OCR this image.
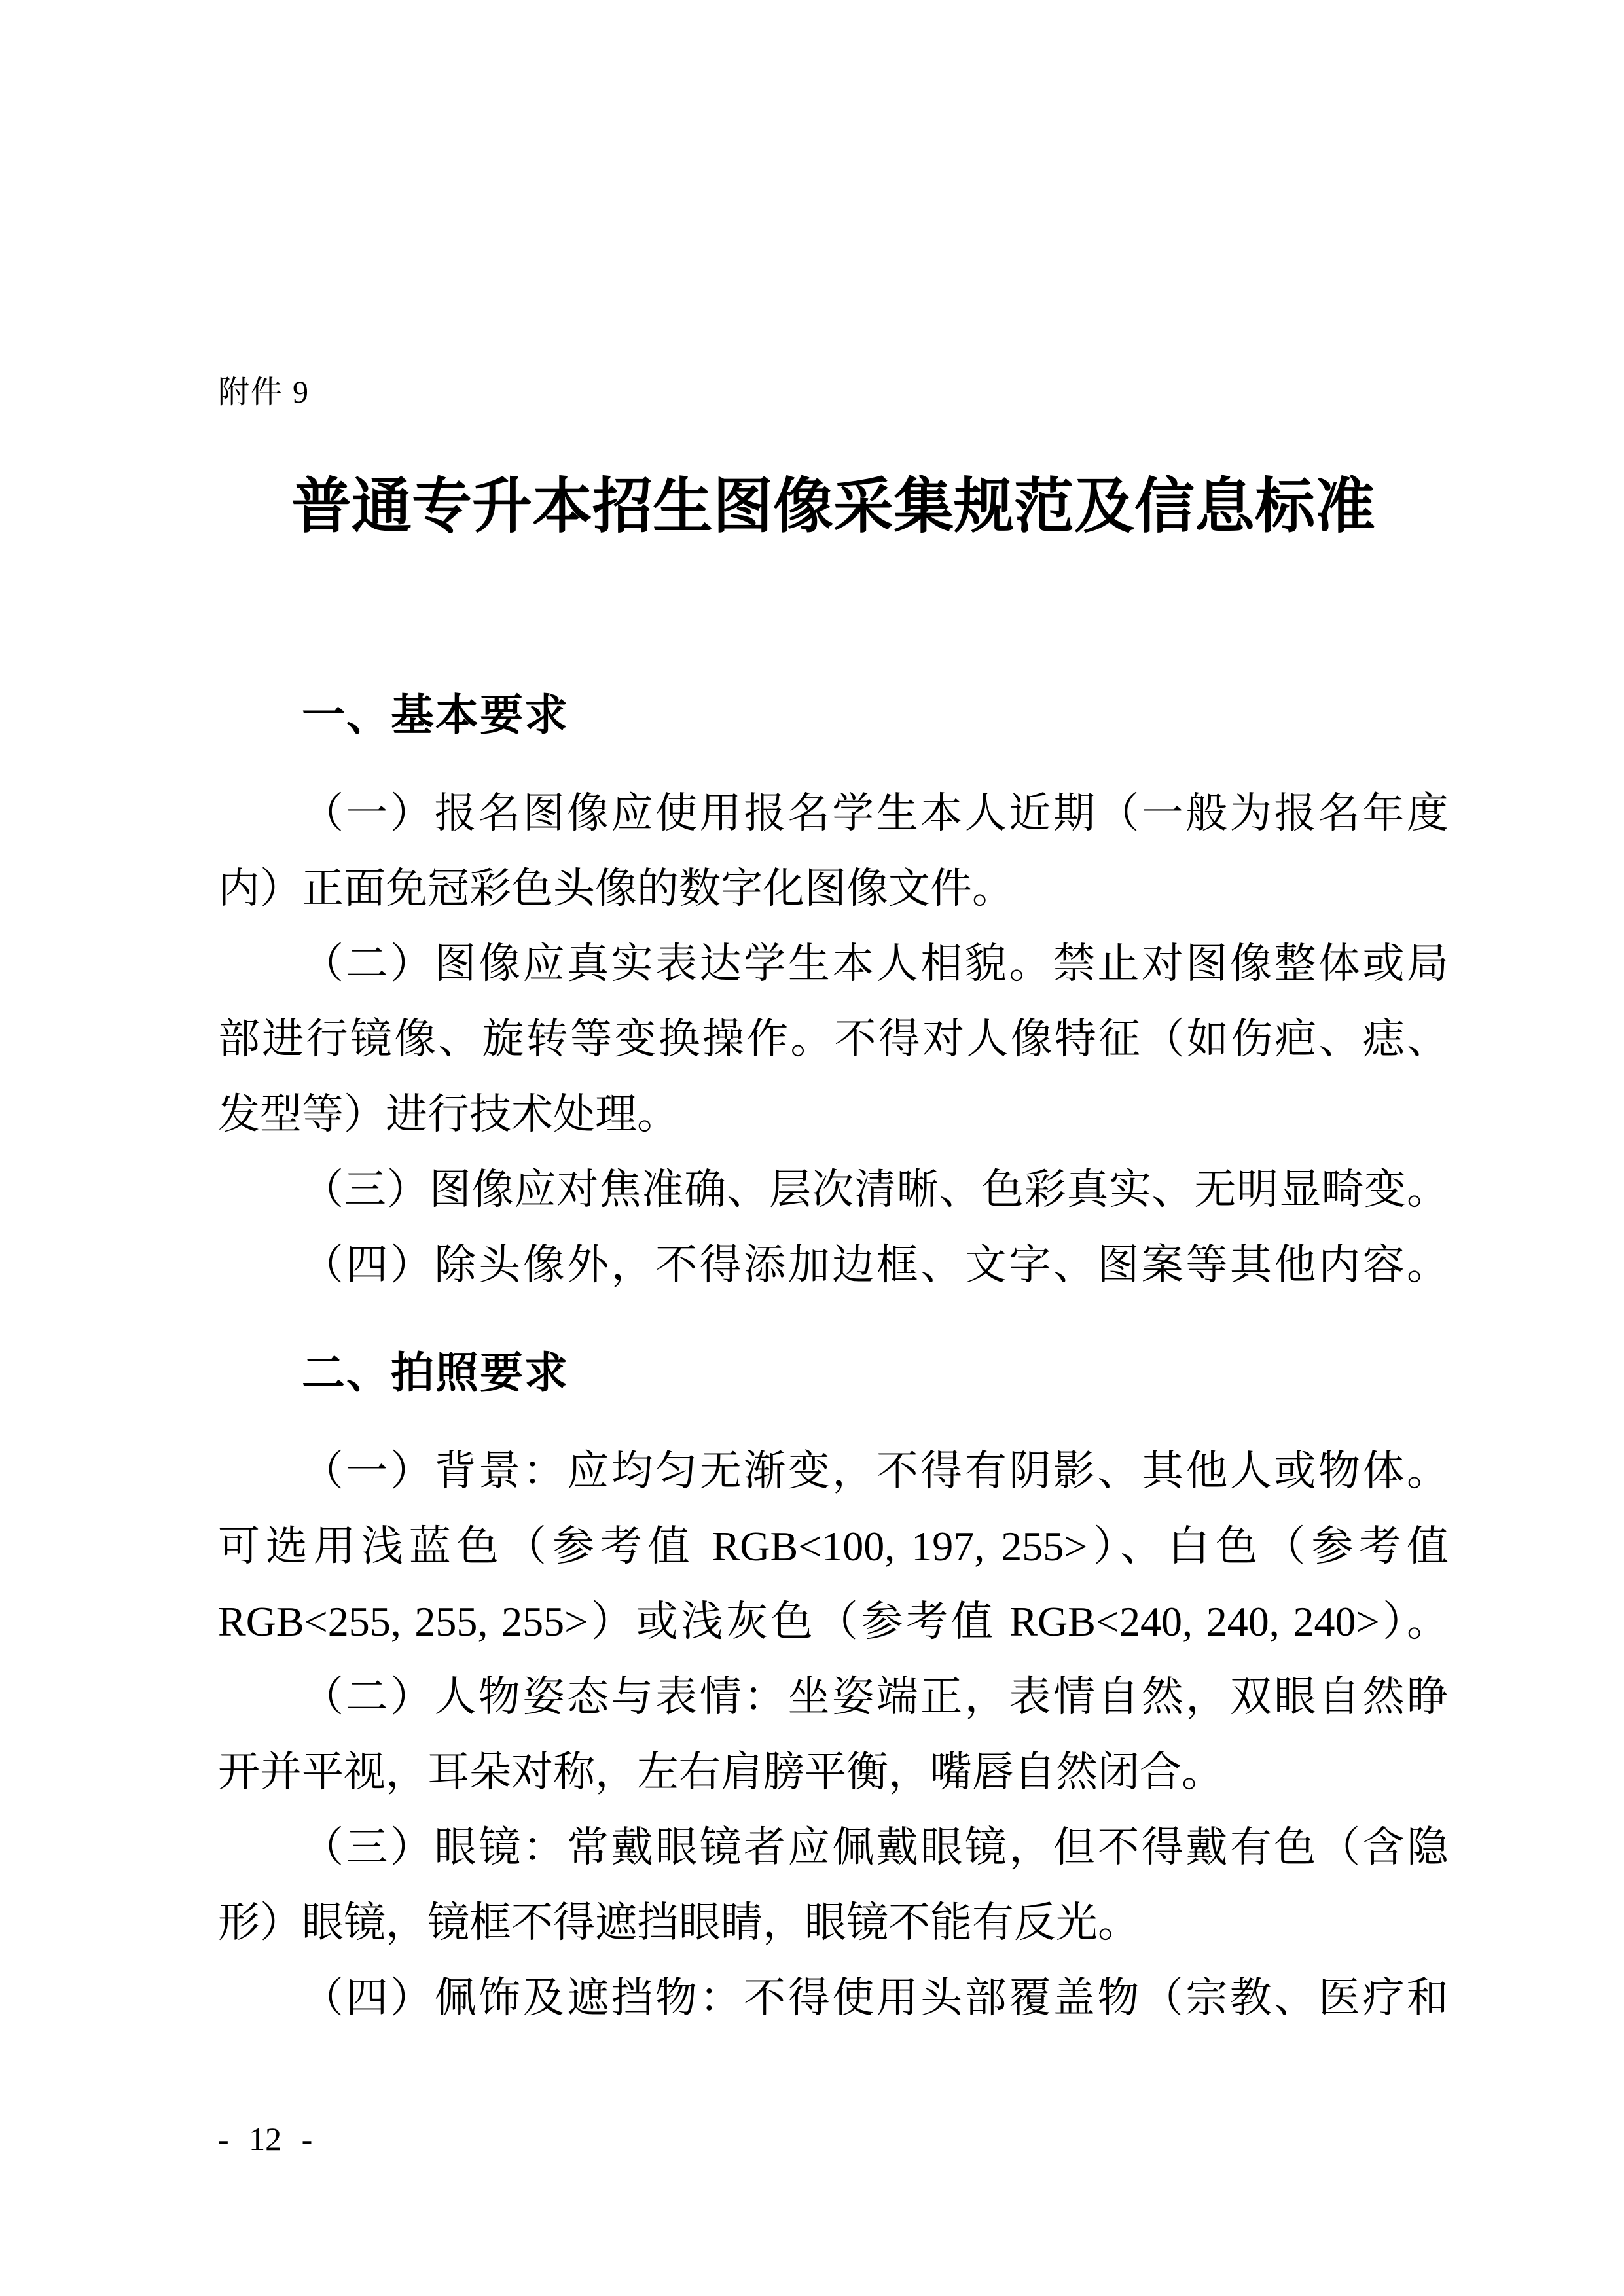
附件 9
普通专升本招生图像采集规范及信息标准
一、基本要求
（一）报名图像应使用报名学生本人近期（一般为报名年度
内）正面免冠彩色头像的数字化图像文件。
（二）图像应真实表达学生本人相貌。禁止对图像整体或局
部进行镜像、旋转等变换操作。不得对人像特征（如伤疤、痣、
发型等）进行技术处理。
（三）图像应对焦准确、层次清晰、色彩真实、无明显畸变。
（四）除头像外，不得添加边框、文字、图案等其他内容。
二、拍照要求
（一）背景：应均匀无渐变，不得有阴影、其他人或物体。
可选用浅蓝色（参考值 RGB<100, 197, 255>）、白色（参考值
RGB<255, 255, 255>）或浅灰色（参考值 RGB<240, 240, 240>）。
（二）人物姿态与表情：坐姿端正，表情自然，双眼自然睁
开并平视，耳朵对称，左右肩膀平衡，嘴唇自然闭合。
（三）眼镜：常戴眼镜者应佩戴眼镜，但不得戴有色（含隐
形）眼镜，镜框不得遮挡眼睛，眼镜不能有反光。
（四）佩饰及遮挡物：不得使用头部覆盖物（宗教、医疗和
- 12 -
